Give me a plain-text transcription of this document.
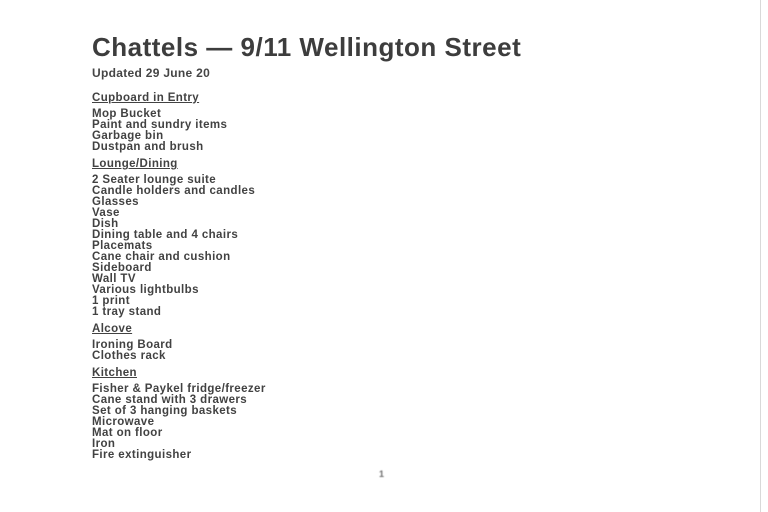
Chattels — 9/11 Wellington Street
Updated 29 June 20
Cupboard in Entry
Mop Bucket
Paint and sundry items
Garbage bin
Dustpan and brush
Lounge/Dining
2 Seater lounge suite
Candle holders and candles
Glasses
Vase
Dish
Dining table and 4 chairs
Placemats
Cane chair and cushion
Sideboard
Wall TV
Various lightbulbs
1 print
1 tray stand
Alcove
Ironing Board
Clothes rack
Kitchen
Fisher & Paykel fridge/freezer
Cane stand with 3 drawers
Set of 3 hanging baskets
Microwave
Mat on floor
Iron
Fire extinguisher
1
